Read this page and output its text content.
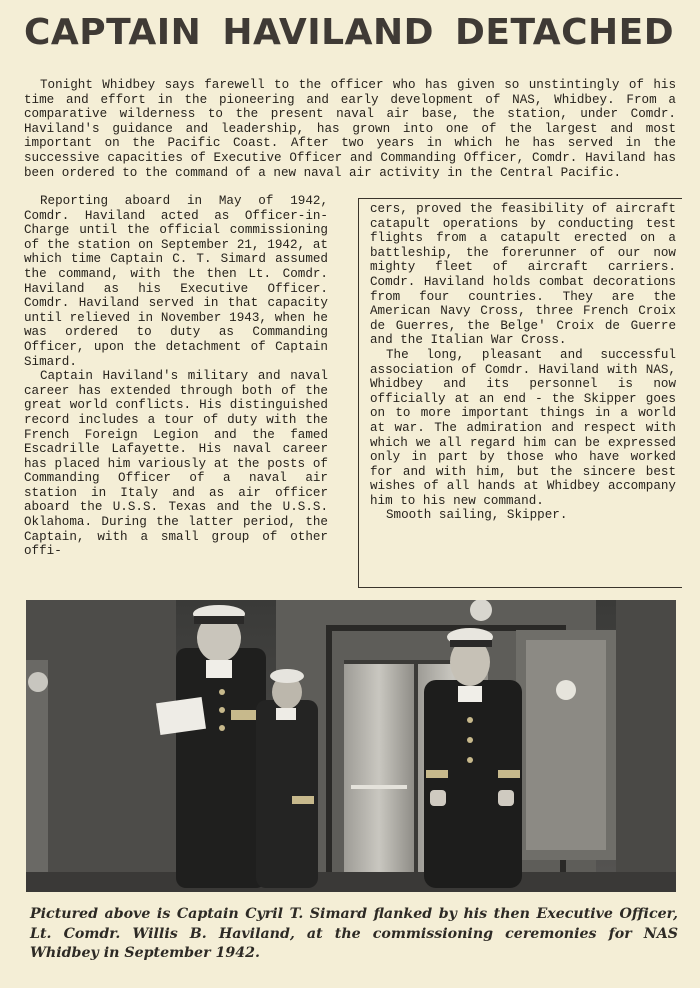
CAPTAIN HAVILAND DETACHED

Tonight Whidbey says farewell to the officer who has given so unstintingly of his time and effort in the pioneering and early development of NAS, Whidbey. From a comparative wilderness to the present naval air base, the station, under Comdr. Haviland's guidance and leadership, has grown into one of the largest and most important on the Pacific Coast. After two years in which he has served in the successive capacities of Executive Officer and Commanding Officer, Comdr. Haviland has been ordered to the command of a new naval air activity in the Central Pacific.

Reporting aboard in May of 1942, Comdr. Haviland acted as Officer-in-Charge until the official commissioning of the station on September 21, 1942, at which time Captain C. T. Simard assumed the command, with the then Lt. Comdr. Haviland as his Executive Officer. Comdr. Haviland served in that capacity until relieved in November 1943, when he was ordered to duty as Commanding Officer, upon the detachment of Captain Simard.

Captain Haviland's military and naval career has extended through both of the great world conflicts. His distinguished record includes a tour of duty with the French Foreign Legion and the famed Escadrille Lafayette. His naval career has placed him variously at the posts of Commanding Officer of a naval air station in Italy and as air officer aboard the U.S.S. Texas and the U.S.S. Oklahoma. During the latter period, the Captain, with a small group of other offi-

cers, proved the feasibility of aircraft catapult operations by conducting test flights from a catapult erected on a battleship, the forerunner of our now mighty fleet of aircraft carriers. Comdr. Haviland holds combat decorations from four countries. They are the American Navy Cross, three French Croix de Guerres, the Belge' Croix de Guerre and the Italian War Cross.

The long, pleasant and successful association of Comdr. Haviland with NAS, Whidbey and its personnel is now officially at an end - the Skipper goes on to more important things in a world at war. The admiration and respect with which we all regard him can be expressed only in part by those who have worked for and with him, but the sincere best wishes of all hands at Whidbey accompany him to his new command.

Smooth sailing, Skipper.

Pictured above is Captain Cyril T. Simard flanked by his then Executive Officer, Lt. Comdr. Willis B. Haviland, at the commissioning ceremonies for NAS Whidbey in September 1942.
